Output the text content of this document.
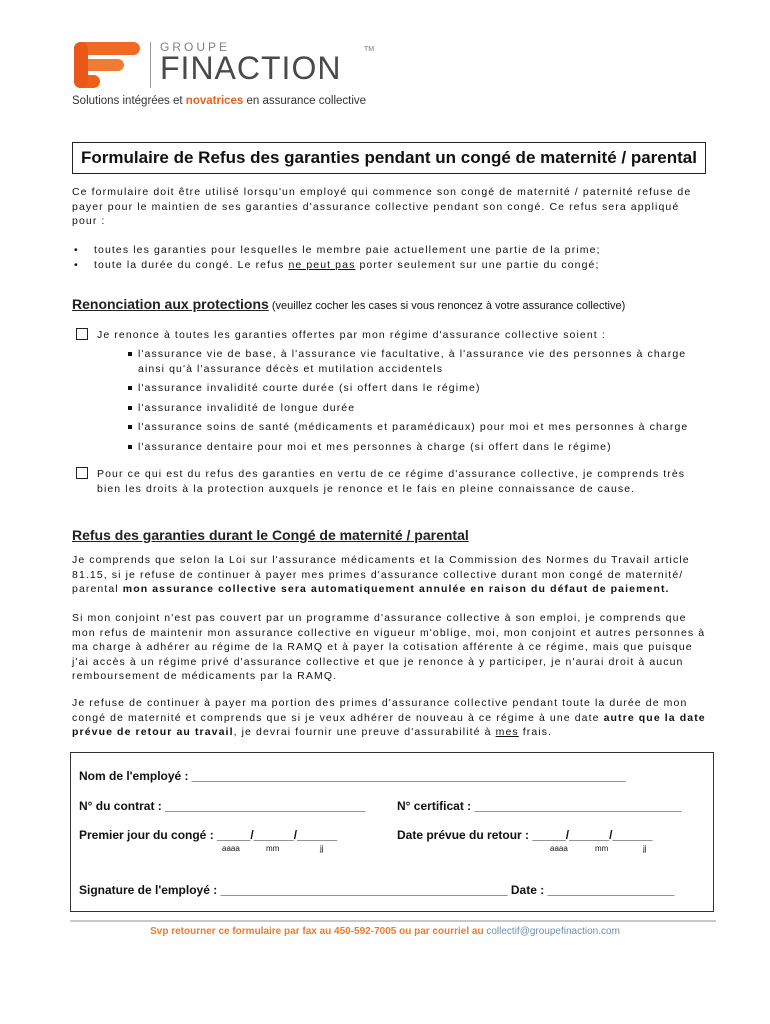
GROUPE
FINACTION
TM
Solutions intégrées et novatrices en assurance collective
Formulaire de Refus des garanties pendant un congé de maternité / parental
Ce formulaire doit être utilisé lorsqu'un employé qui commence son congé de maternité / paternité refuse de payer pour le maintien de ses garanties d'assurance collective pendant son congé. Ce refus sera appliqué pour :
• toutes les garanties pour lesquelles le membre paie actuellement une partie de la prime;
• toute la durée du congé. Le refus ne peut pas porter seulement sur une partie du congé;
Renonciation aux protections (veuillez cocher les cases si vous renoncez à votre assurance collective)
Je renonce à toutes les garanties offertes par mon régime d'assurance collective soient :
l'assurance vie de base, à l'assurance vie facultative, à l'assurance vie des personnes à charge ainsi qu'à l'assurance décès et mutilation accidentels
l'assurance invalidité courte durée (si offert dans le régime)
l'assurance invalidité de longue durée
l'assurance soins de santé (médicaments et paramédicaux) pour moi et mes personnes à charge
l'assurance dentaire pour moi et mes personnes à charge (si offert dans le régime)
Pour ce qui est du refus des garanties en vertu de ce régime d'assurance collective, je comprends très bien les droits à la protection auxquels je renonce et le fais en pleine connaissance de cause.
Refus des garanties durant le Congé de maternité / parental
Je comprends que selon la Loi sur l'assurance médicaments et la Commission des Normes du Travail article 81.15, si je refuse de continuer à payer mes primes d'assurance collective durant mon congé de maternité/ parental mon assurance collective sera automatiquement annulée en raison du défaut de paiement.
Si mon conjoint n'est pas couvert par un programme d'assurance collective à son emploi, je comprends que mon refus de maintenir mon assurance collective en vigueur m'oblige, moi, mon conjoint et autres personnes à ma charge à adhérer au régime de la RAMQ et à payer la cotisation afférente à ce régime, mais que puisque j'ai accès à un régime privé d'assurance collective et que je renonce à y participer, je n'aurai droit à aucun remboursement de médicaments par la RAMQ.
Je refuse de continuer à payer ma portion des primes d'assurance collective pendant toute la durée de mon congé de maternité et comprends que si je veux adhérer de nouveau à ce régime à une date autre que la date prévue de retour au travail, je devrai fournir une preuve d'assurabilité à mes frais.
Nom de l'employé : _________________________________________________________________
N° du contrat : ______________________________	N° certificat : _______________________________
Premier jour du congé : _____/______/______
aaaa	mm	jj
Date prévue du retour : _____/______/______
aaaa	mm	jj
Signature de l'employé : ___________________________________________ Date : ___________________
Svp retourner ce formulaire par fax au 450-592-7005 ou par courriel au collectif@groupefinaction.com
